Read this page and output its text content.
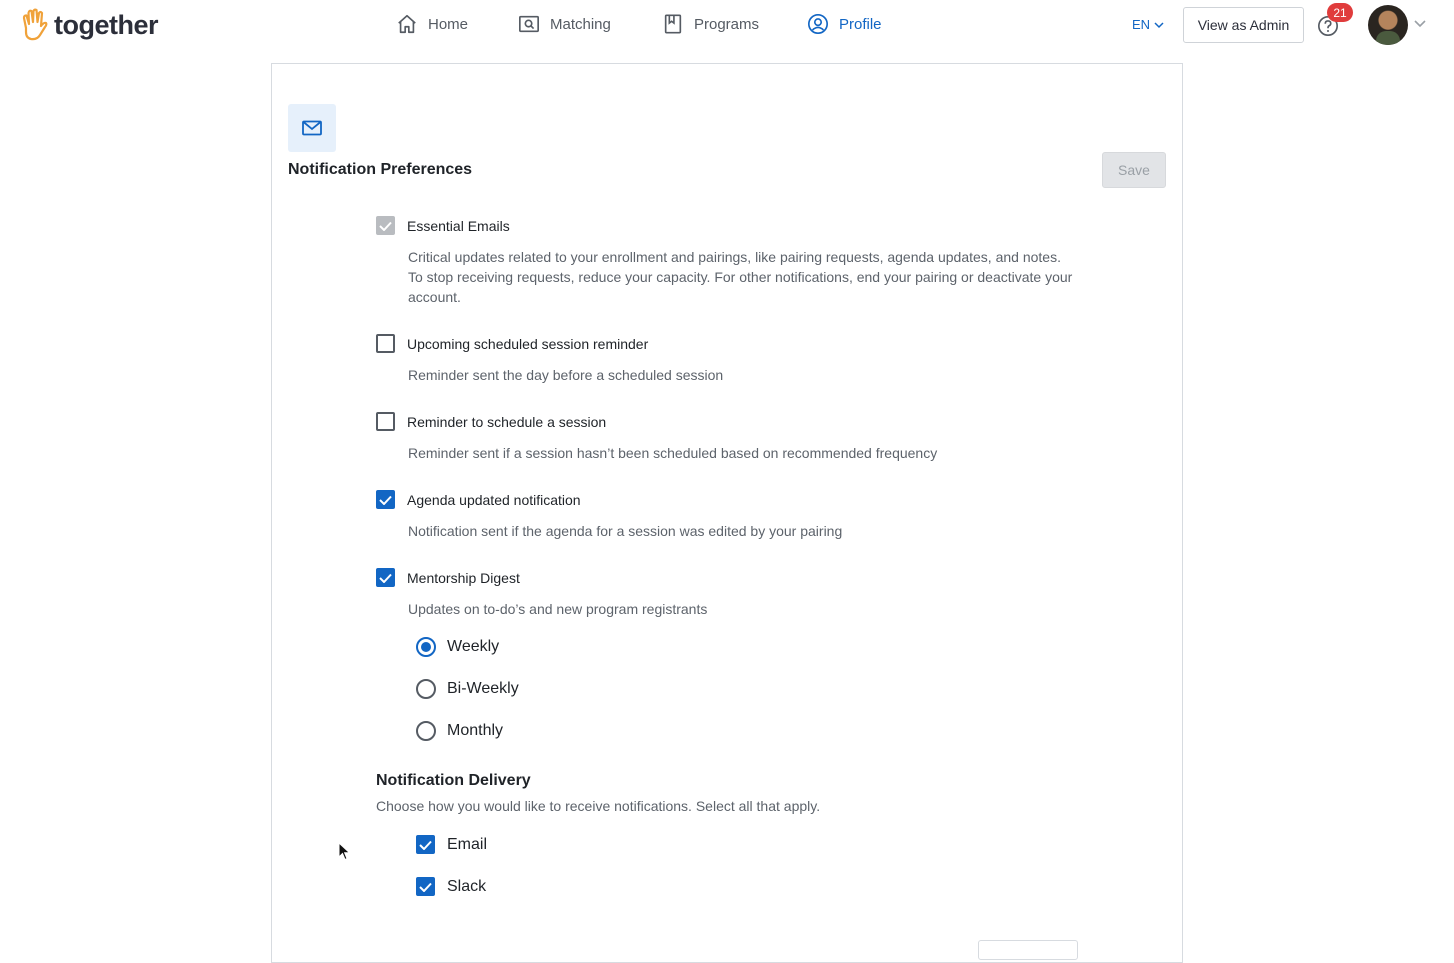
together	Home	Matching	Programs	Profile	EN	View as Admin
21
Notification Preferences	Save
Essential Emails
Critical updates related to your enrollment and pairings, like pairing requests, agenda updates, and notes. To stop receiving requests, reduce your capacity. For other notifications, end your pairing or deactivate your account.
Upcoming scheduled session reminder
Reminder sent the day before a scheduled session
Reminder to schedule a session
Reminder sent if a session hasn’t been scheduled based on recommended frequency
Agenda updated notification
Notification sent if the agenda for a session was edited by your pairing
Mentorship Digest
Updates on to-do’s and new program registrants
Weekly
Bi-Weekly
Monthly
Notification Delivery
Choose how you would like to receive notifications. Select all that apply.
Email
Slack
